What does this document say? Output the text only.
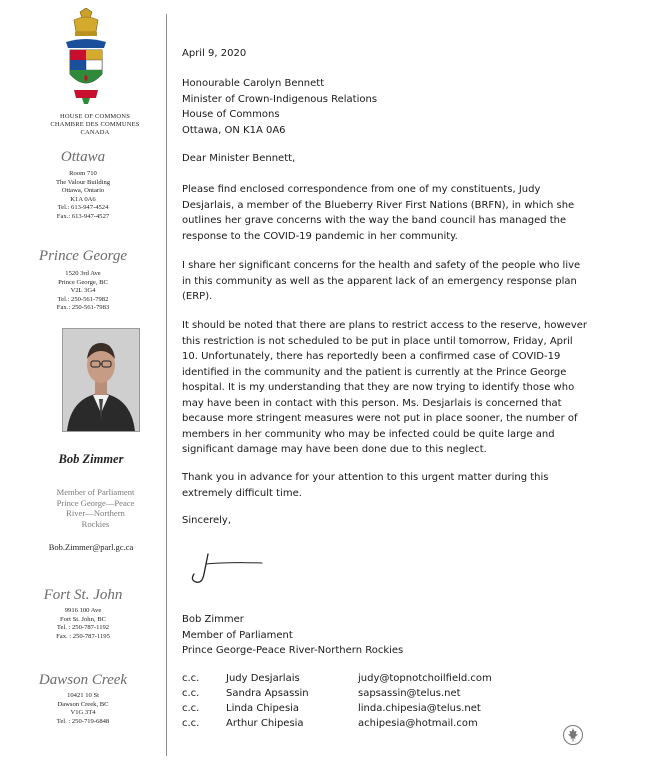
HOUSE OF COMMONS
CHAMBRE DES COMMUNES
CANADA
Ottawa
Room 710
The Valour Building
Ottawa, Ontario
K1A 0A6
Tel.: 613-947-4524
Fax.: 613-947-4527
Prince George
1520 3rd Ave
Prince George, BC
V2L 3G4
Tel.: 250-561-7982
Fax.: 250-561-7983
Member of Parliament
Prince George—Peace
River—Northern
Rockies
Fort St. John
9916 100 Ave
Fort St. John, BC
Tel. : 250-787-1192
Fax. : 250-787-1195
Dawson Creek
10421 10 St
Dawson Creek, BC
V1G 3T4
Tel. : 250-719-6848
Bob Zimmer
Bob.Zimmer@parl.gc.ca
April 9, 2020

Honourable Carolyn Bennett

Minister of Crown-Indigenous Relations

House of Commons

Ottawa, ON K1A 0A6

Dear Minister Bennett,

Please find enclosed correspondence from one of my constituents, Judy

Desjarlais, a member of the Blueberry River First Nations (BRFN), in which she

outlines her grave concerns with the way the band council has managed the

response to the COVID-19 pandemic in her community.

I share her significant concerns for the health and safety of the people who live

in this community as well as the apparent lack of an emergency response plan

(ERP).

It should be noted that there are plans to restrict access to the reserve, however

this restriction is not scheduled to be put in place until tomorrow, Friday, April

10. Unfortunately, there has reportedly been a confirmed case of COVID-19

identified in the community and the patient is currently at the Prince George

hospital. It is my understanding that they are now trying to identify those who

may have been in contact with this person. Ms. Desjarlais is concerned that

because more stringent measures were not put in place sooner, the number of

members in her community who may be infected could be quite large and

significant damage may have been done due to this neglect.

Thank you in advance for your attention to this urgent matter during this

extremely difficult time.

Sincerely,

Bob Zimmer

Member of Parliament

Prince George-Peace River-Northern Rockies

c.c.	Judy Desjarlais	judy@topnotchoilfield.com
c.c.	Sandra Apsassin	sapsassin@telus.net
c.c.	Linda Chipesia	linda.chipesia@telus.net
c.c.	Arthur Chipesia	achipesia@hotmail.com
